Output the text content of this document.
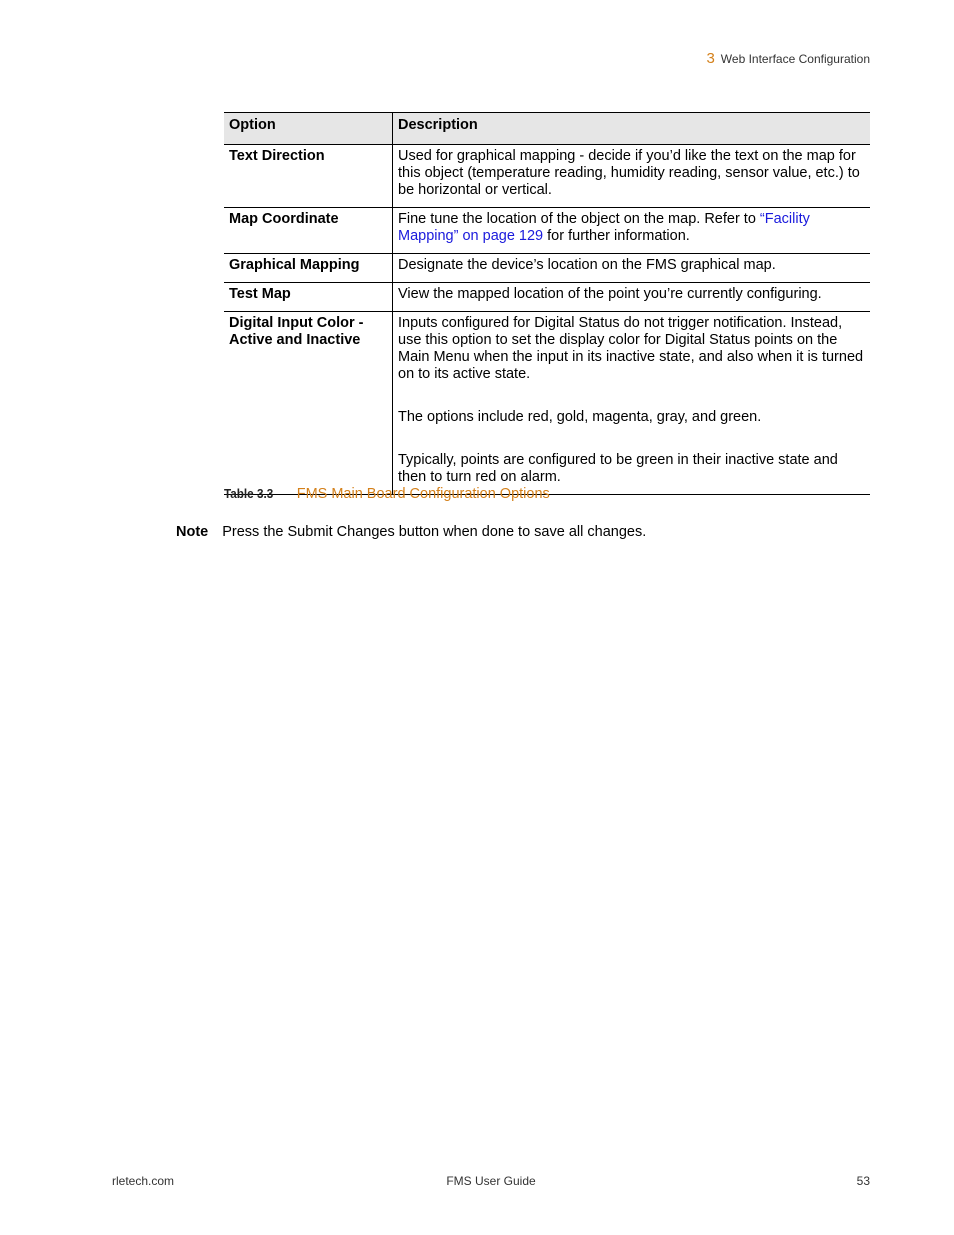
3 Web Interface Configuration
Option	Description
Text Direction	Used for graphical mapping - decide if you’d like the text on the map for this object (temperature reading, humidity reading, sensor value, etc.) to be horizontal or vertical.

Map Coordinate	Fine tune the location of the object on the map. Refer to “Facility Mapping” on page 129 for further information.

Graphical Mapping	Designate the device’s location on the FMS graphical map.

Test Map	View the mapped location of the point you’re currently configuring.

Digital Input Color - Active and Inactive	Inputs configured for Digital Status do not trigger notification. Instead, use this option to set the display color for Digital Status points on the Main Menu when the input in its inactive state, and also when it is turned on to its active state.

The options include red, gold, magenta, gray, and green.

Typically, points are configured to be green in their inactive state and then to turn red on alarm.

Table 3.3 FMS Main Board Configuration Options
Note Press the Submit Changes button when done to save all changes.
rletech.com	FMS User Guide	53
